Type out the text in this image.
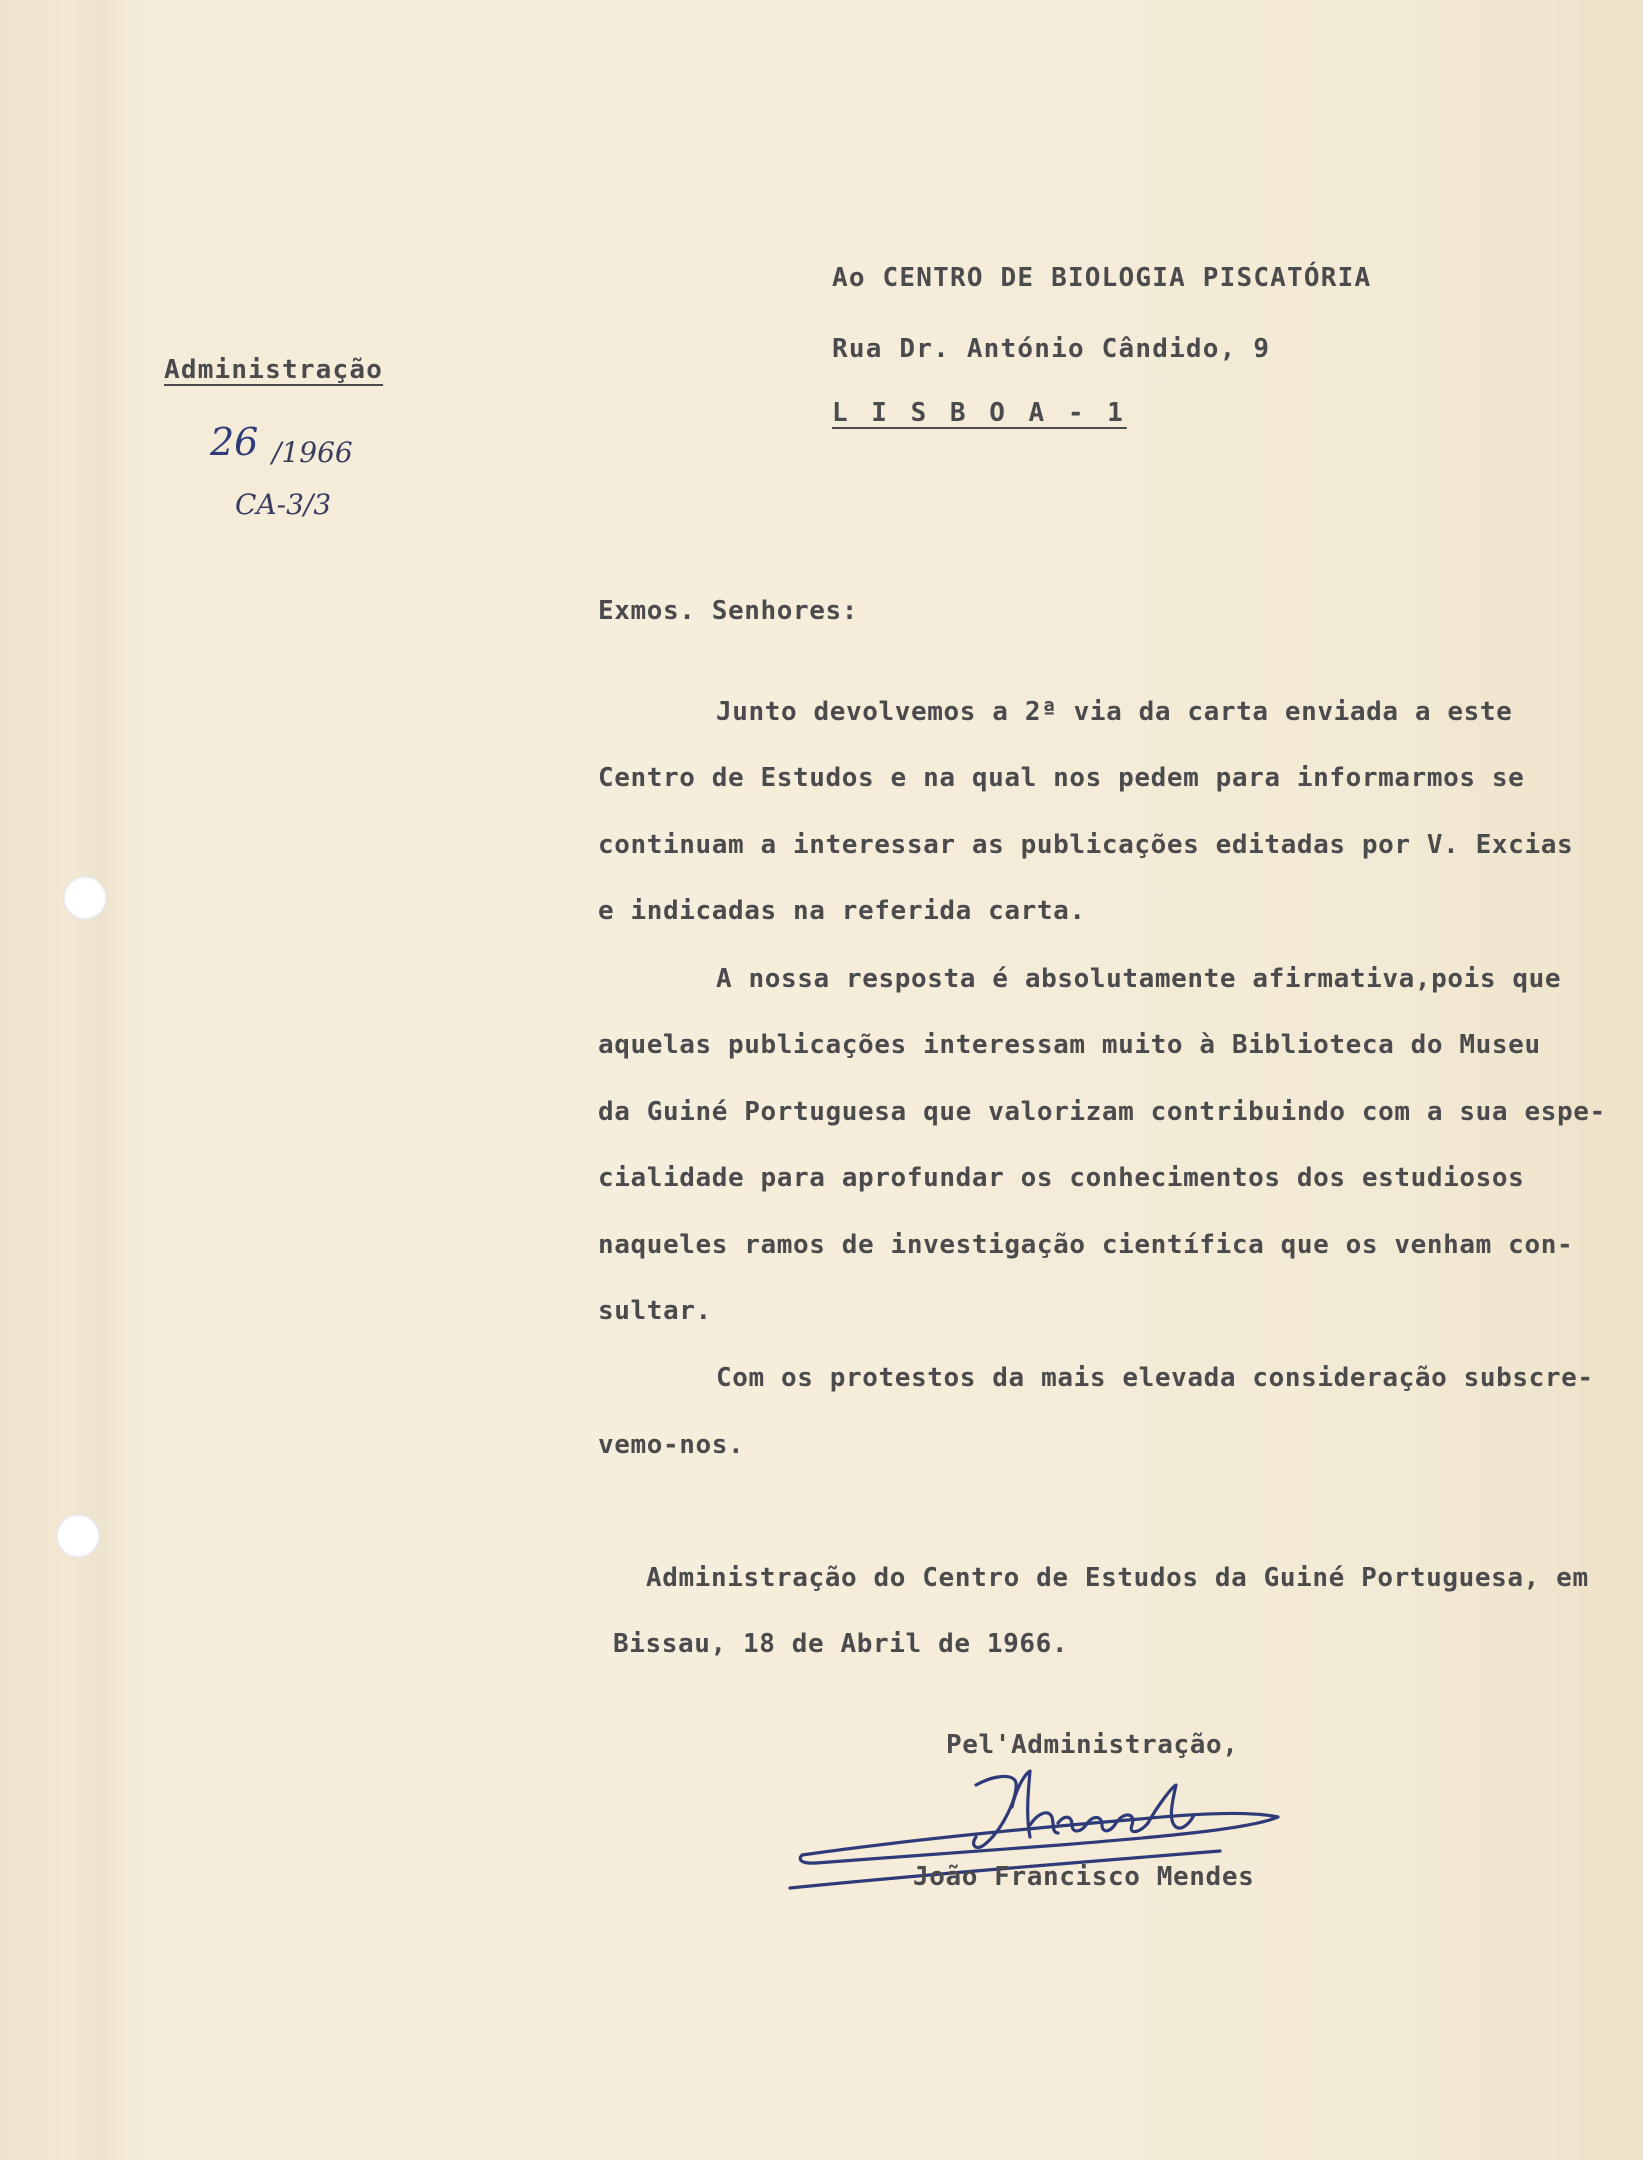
Administração
26 /1966
CA-3/3
Ao CENTRO DE BIOLOGIA PISCATÓRIA
Rua Dr. António Cândido, 9
L I S B O A - 1
Exmos. Senhores:
Junto devolvemos a 2ª via da carta enviada a este
Centro de Estudos e na qual nos pedem para informarmos se
continuam a interessar as publicações editadas por V. Excias
e indicadas na referida carta.
A nossa resposta é absolutamente afirmativa,pois que
aquelas publicações interessam muito à Biblioteca do Museu
da Guiné Portuguesa que valorizam contribuindo com a sua espe-
cialidade para aprofundar os conhecimentos dos estudiosos
naqueles ramos de investigação científica que os venham con-
sultar.
Com os protestos da mais elevada consideração subscre-
vemo-nos.
Administração do Centro de Estudos da Guiné Portuguesa, em
Bissau, 18 de Abril de 1966.
Pel'Administração,
João Francisco Mendes
